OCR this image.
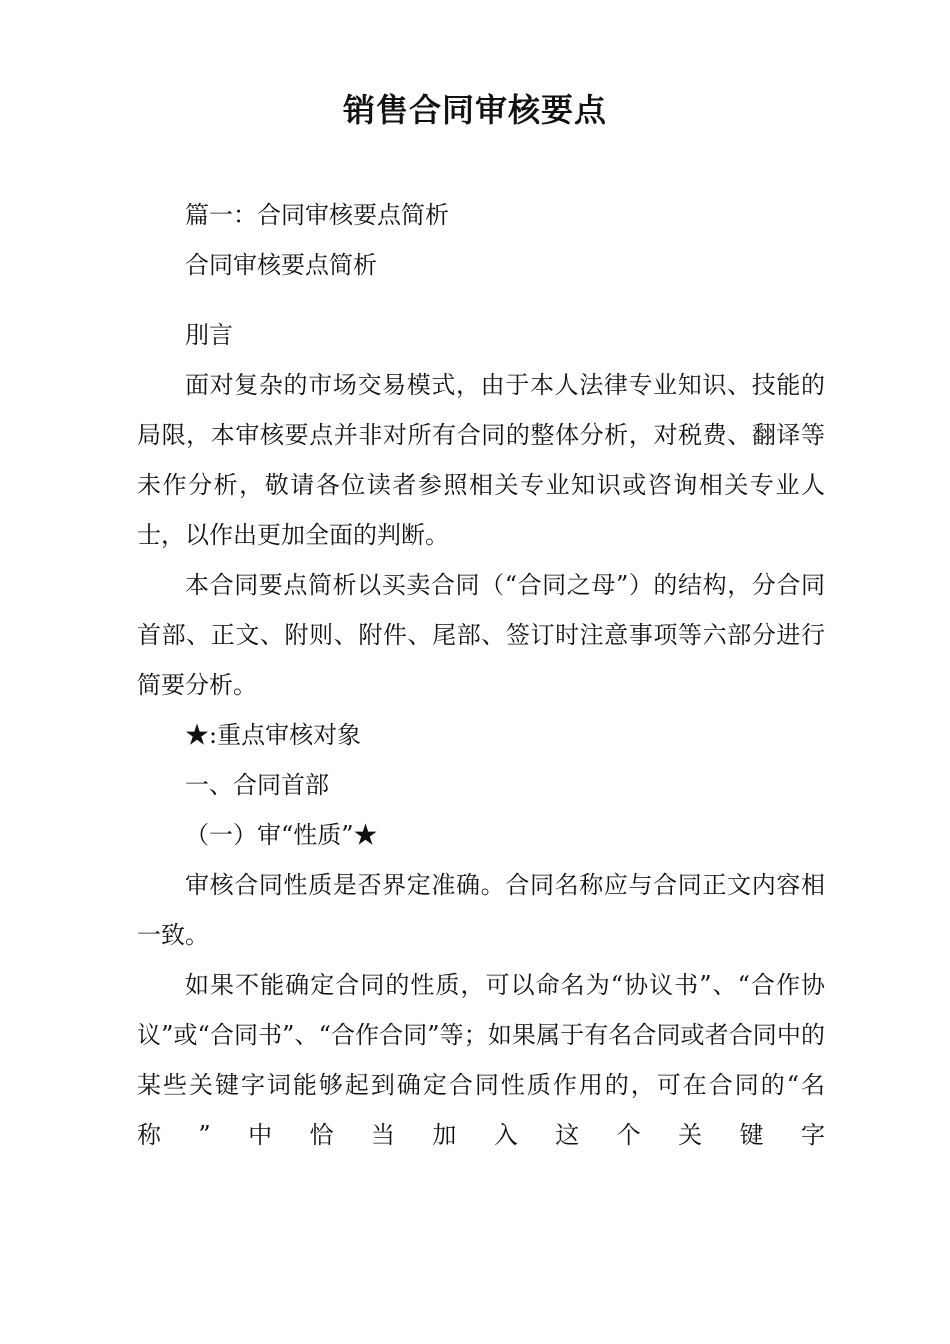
销售合同审核要点

篇一：合同审核要点简析

合同审核要点简析

刖言

面对复杂的市场交易模式，由于本人法律专业知识、技能的局限，本审核要点并非对所有合同的整体分析，对税费、翻译等未作分析，敬请各位读者参照相关专业知识或咨询相关专业人士，以作出更加全面的判断。

本合同要点简析以买卖合同（“合同之母”）的结构，分合同首部、正文、附则、附件、尾部、签订时注意事项等六部分进行简要分析。

★:重点审核对象

一、合同首部

（一）审“性质”★

审核合同性质是否界定准确。合同名称应与合同正文内容相一致。

如果不能确定合同的性质，可以命名为“协议书”、“合作协议”或“合同书”、“合作合同”等；如果属于有名合同或者合同中的某些关键字词能够起到确定合同性质作用的，可在合同的“名称”中恰当加入这个关键字
